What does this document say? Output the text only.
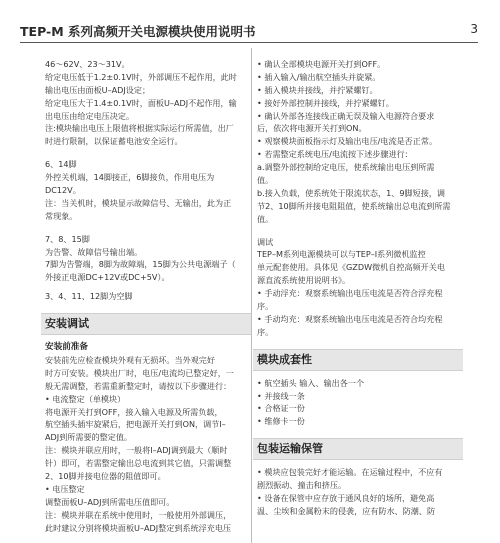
TEP-M 系列高频开关电源模块使用说明书	3
46～62V、23～31V。
给定电压低于1.2±0.1V时，外部调压不起作用，此时
输出电压由面板U–ADJ设定；
给定电压大于1.4±0.1V时，面板U–ADJ不起作用，输
出电压由给定电压决定。
注:模块输出电压上限值将根据实际运行所需值，出厂
时进行限制，以保证蓄电池安全运行。
6、14脚
外控关机端，14脚接正，6脚接负，作用电压为
DC12V。
注：当关机时，模块显示故障信号、无输出，此为正
常现象。
7、8、15脚
为告警、故障信号输出端。
7脚为告警端，8脚为故障端，15脚为公共电源端子（
外接正电源DC+12V或DC+5V）。
3、4、11、12脚为空脚
安装调试
安装前准备
安装前先应检查模块外观有无损坏。当外观完好
时方可安装。模块出厂时，电压/电流均已整定好，一
般无需调整，若需重新整定时，请按以下步骤进行：
• 电流整定（单模块）
将电源开关打到OFF，接入输入电源及所需负载，
航空插头插牢旋紧后，把电源开关打到ON，调节I–
ADJ到所需要的整定值。
注：模块并联应用时，一般将I–ADJ调到最大（顺时
针）即可，若需整定输出总电流到其它值，只需调整
2、10脚并接电位器的阻值即可。
• 电压整定
调整面板U–ADJ到所需电压值即可。
注：模块并联在系统中使用时，一般使用外部调压，
此时建议分别将模块面板U–ADJ整定到系统浮充电压
• 确认全部模块电源开关打到OFF。
• 插入输入/输出航空插头并旋紧。
• 插入模块并接线，并拧紧螺钉。
• 接好外部控制并接线，并拧紧螺钉。
• 确认外部各连接线正确无误及输入电源符合要求
后，依次将电源开关打到ON。
• 观察模块面板指示灯及输出电压/电流是否正常。
• 若需整定系统电压/电流按下述步骤进行：
a.调整外部控制给定电压，使系统输出电压到所需
值。
b.接入负载，使系统处于限流状态，1、9脚短接，调
节2、10脚所并接电阻阻值，使系统输出总电流到所需
值。
调试
TEP–M系列电源模块可以与TEP–I系列微机监控
单元配套使用。具体见《GZDW微机自控高频开关电
源直流系统使用说明书》。
• 手动浮充：观察系统输出电压电流是否符合浮充程
序。
• 手动均充：观察系统输出电压电流是否符合均充程
序。
模块成套性
• 航空插头 输入、输出各一个
• 并接线一条
• 合格证一份
• 维修卡一份
包装运输保管
• 模块应包装完好才能运输。在运输过程中，不应有
剧烈振动、撞击和挤压。
• 设备在保管中应存放于通风良好的场所，避免高
温、尘埃和金属粉末的侵袭，应有防水、防潮、防
